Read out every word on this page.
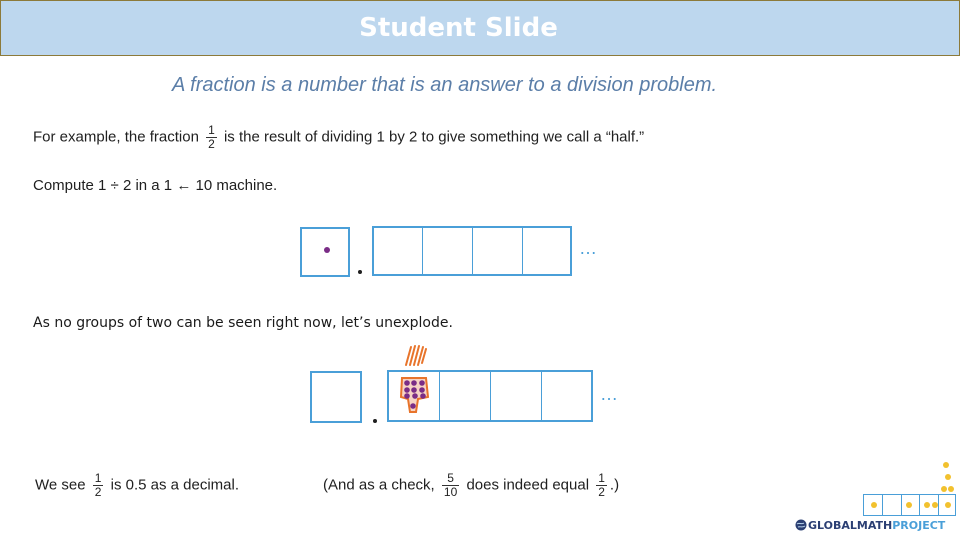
Student Slide
A fraction is a number that is an answer to a division problem.
For example, the fraction $\frac{1}{2}$ is the result of dividing 1 by 2 to give something we call a “half.”
Compute 1 ÷ 2 in a 1 ← 10 machine.
…
As no groups of two can be seen right now, let’s unexplode.
…
We see $\frac{1}{2}$ is 0.5 as a decimal.	(And as a check, $\frac{5}{10}$ does indeed equal $\frac{1}{2}$ .)
GLOBALMATHPROJECT
